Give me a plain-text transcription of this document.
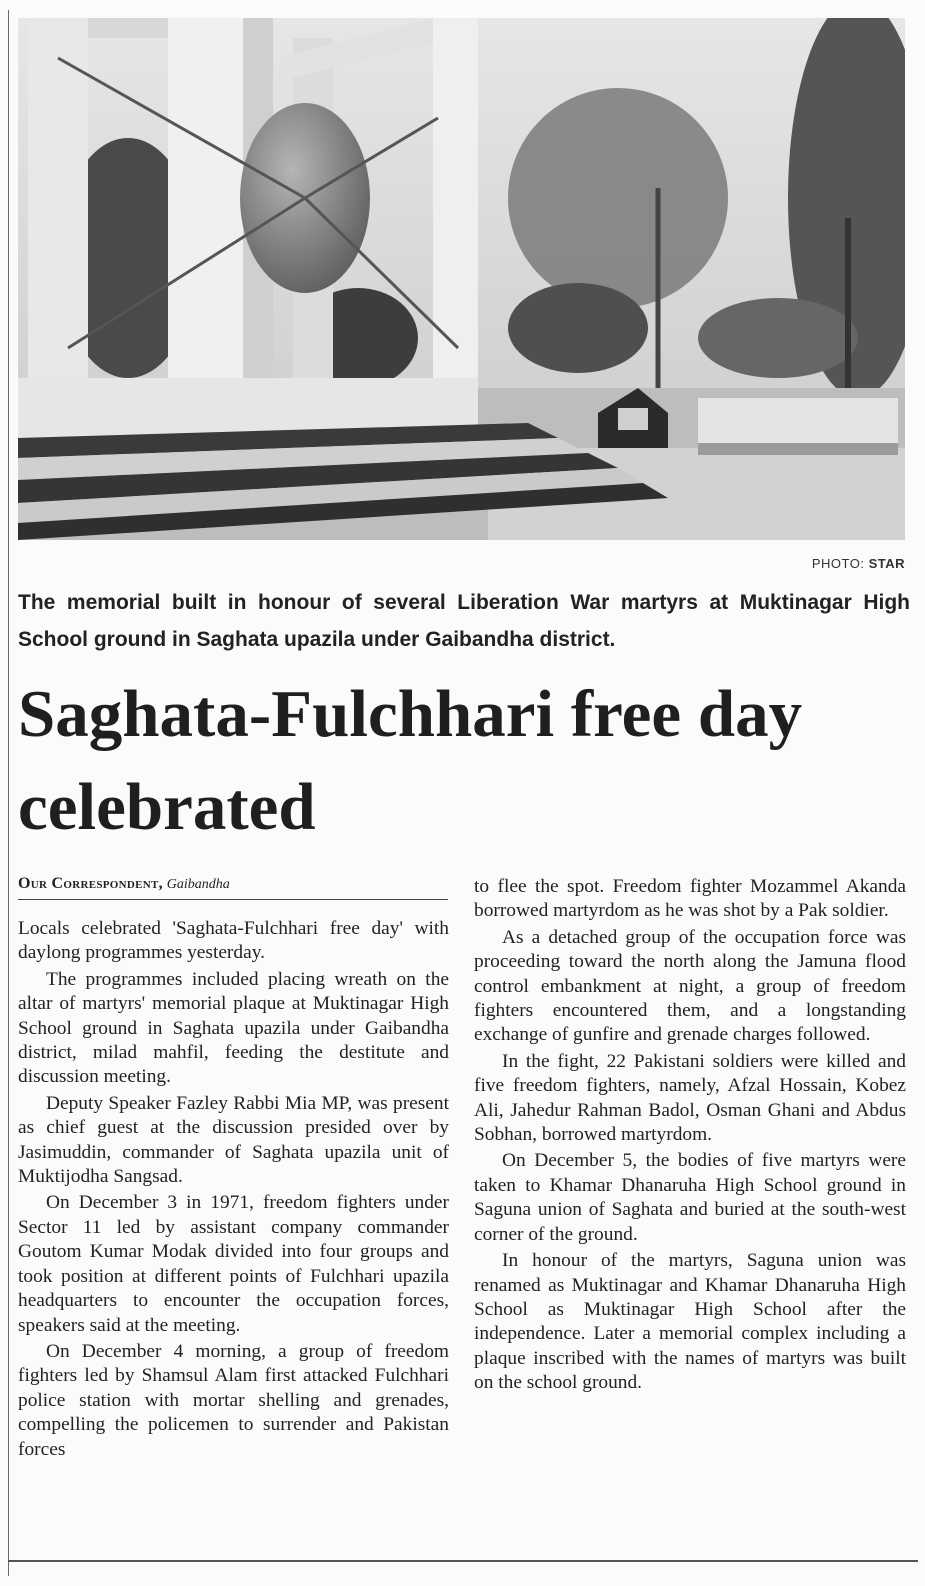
PHOTO: STAR
The memorial built in honour of several Liberation War martyrs at Muktinagar High School ground in Saghata upazila under Gaibandha district.
Saghata-Fulchhari free day celebrated
Our Correspondent, Gaibandha

Locals celebrated 'Saghata-Fulchhari free day' with daylong programmes yesterday.

The programmes included placing wreath on the altar of martyrs' memorial plaque at Muktinagar High School ground in Saghata upazila under Gaibandha district, milad mahfil, feeding the destitute and discussion meeting.

Deputy Speaker Fazley Rabbi Mia MP, was present as chief guest at the discussion presided over by Jasimuddin, commander of Saghata upazila unit of Muktijodha Sangsad.

On December 3 in 1971, freedom fighters under Sector 11 led by assistant company commander Goutom Kumar Modak divided into four groups and took position at different points of Fulchhari upazila headquarters to encounter the occupation forces, speakers said at the meeting.

On December 4 morning, a group of freedom fighters led by Shamsul Alam first attacked Fulchhari police station with mortar shelling and grenades, compelling the policemen to surrender and Pakistan forces

to flee the spot. Freedom fighter Mozammel Akanda borrowed martyrdom as he was shot by a Pak soldier.

As a detached group of the occupation force was proceeding toward the north along the Jamuna flood control embankment at night, a group of freedom fighters encountered them, and a longstanding exchange of gunfire and grenade charges followed.

In the fight, 22 Pakistani soldiers were killed and five freedom fighters, namely, Afzal Hossain, Kobez Ali, Jahedur Rahman Badol, Osman Ghani and Abdus Sobhan, borrowed martyrdom.

On December 5, the bodies of five martyrs were taken to Khamar Dhanaruha High School ground in Saguna union of Saghata and buried at the south-west corner of the ground.

In honour of the martyrs, Saguna union was renamed as Muktinagar and Khamar Dhanaruha High School as Muktinagar High School after the independence. Later a memorial complex including a plaque inscribed with the names of martyrs was built on the school ground.
